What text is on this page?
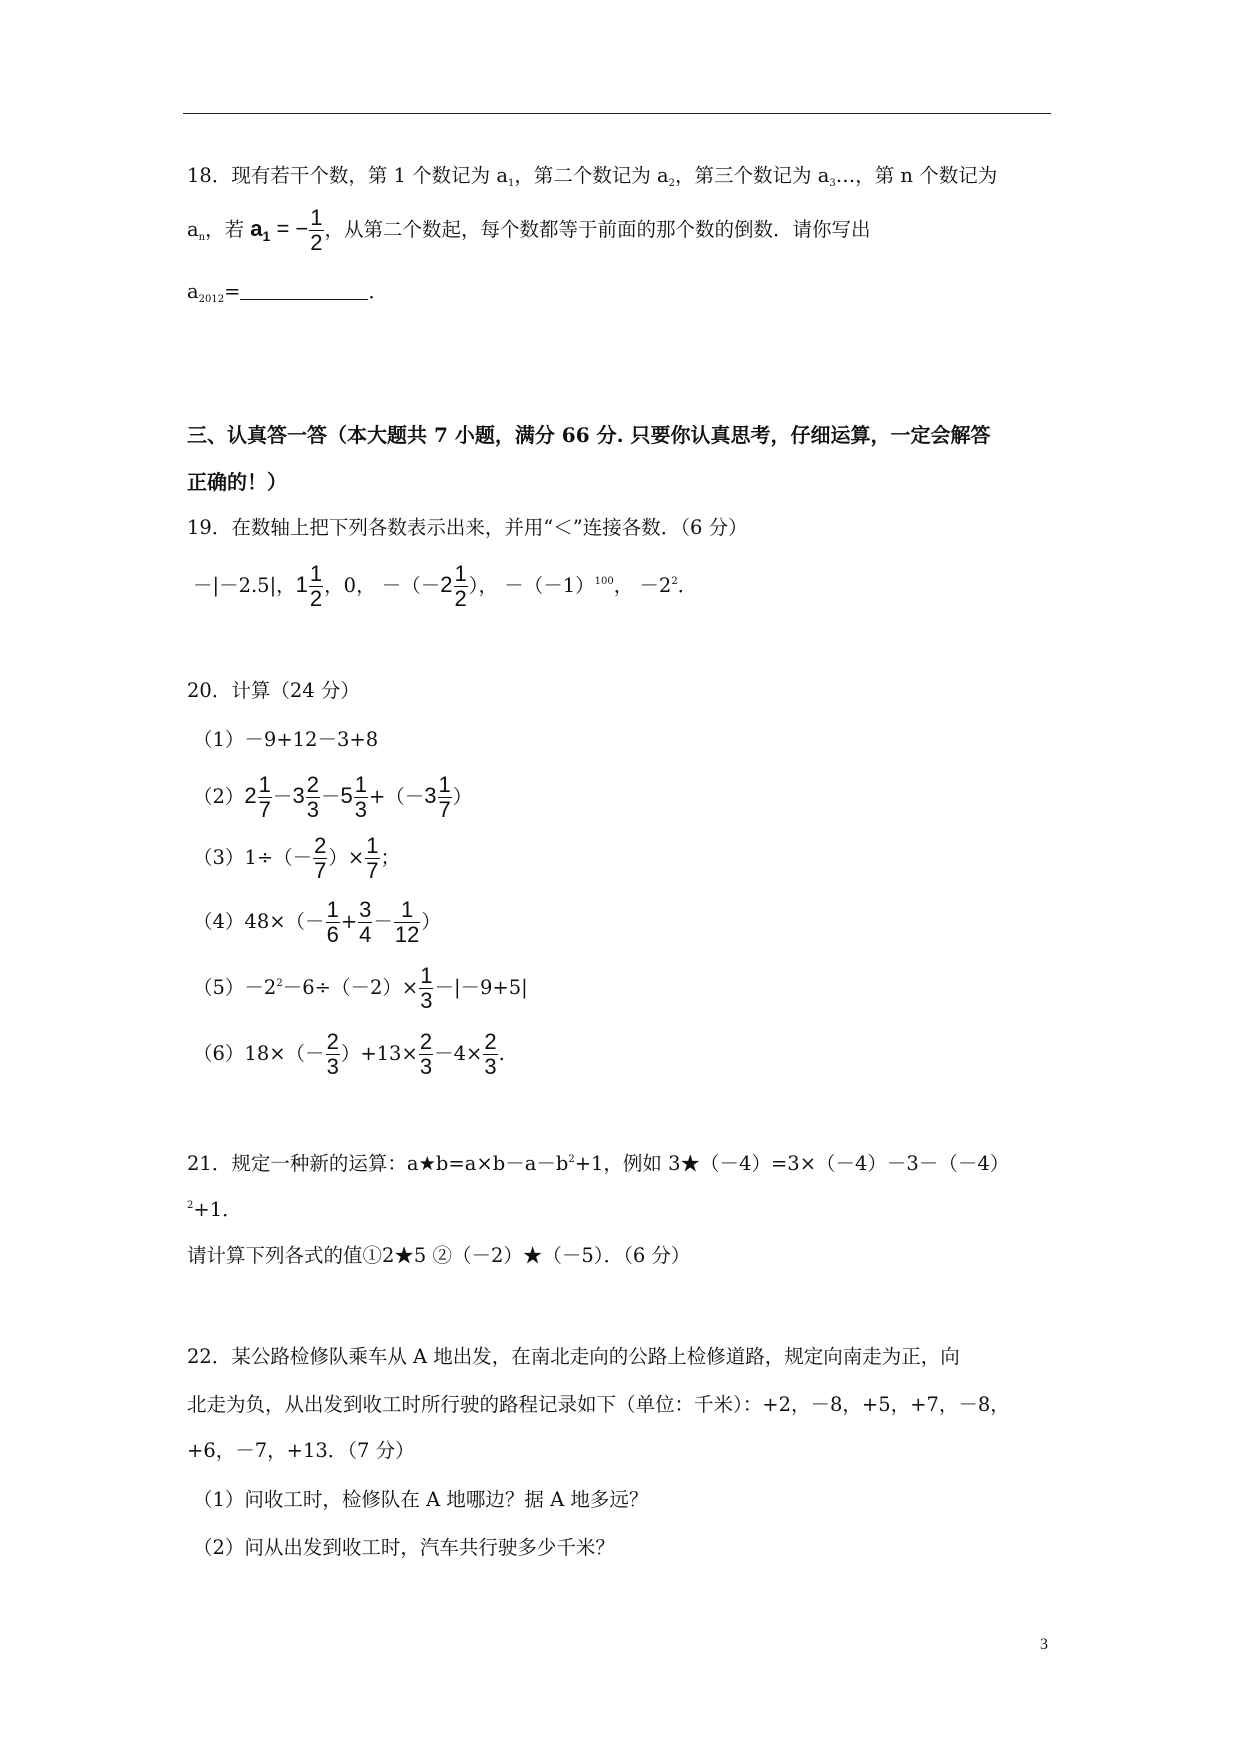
18．现有若干个数，第 1 个数记为 $a_1$，第二个数记为 $a_2$，第三个数记为 $a_3\dots$，第 n 个数记为
$a_n$，若 $a_1$ = − $\frac{1}{2}$ ，从第二个数起，每个数都等于前面的那个数的倒数．请你写出
$a_{2012}=$	．
三、认真答一答（本大题共 7 小题，满分 66 分. 只要你认真思考，仔细运算，一定会解答
正确的！）
19．在数轴上把下列各数表示出来，并用“＜”连接各数．（6 分）
－|－2.5|，$1 \frac{1}{2}$ ，0， $-(-2 \frac{1}{2}$ ）， $-(-1)^{100}$， $-2^2$．
20．计算（24 分）
（1）－9+12－3+8
$(2)2 \frac{1}{7} -3 \frac{2}{3} -5 \frac{1}{3} +(-3 \frac{1}{7}$ ）
$(3)1\div(- \frac{2}{7}$ ）× $\frac{1}{7}$ ；
$(4)48\times(- \frac{1}{6} + \frac{3}{4} - \frac{1}{12}$ ）
$(5)-2^2-6\div(-2)\times \frac{1}{3} -|-9+5|$
$(6)18\times(- \frac{2}{3} )+13\times \frac{2}{3} -4\times \frac{2}{3}$ .
21．规定一种新的运算：$a★b=a\times b-a-b^2+1$，例如 3★（－4）=3×（－4）－3－（－4）
$^2$+1．
请计算下列各式的值①2★5 ②（－2）★（－5）．（6 分）
22．某公路检修队乘车从 A 地出发，在南北走向的公路上检修道路，规定向南走为正，向
北走为负，从出发到收工时所行驶的路程记录如下（单位：千米）：+2，－8，+5，+7，－8，
+6，－7，+13．（7 分）
（1）问收工时，检修队在 A 地哪边？据 A 地多远？
（2）问从出发到收工时，汽车共行驶多少千米？
3
